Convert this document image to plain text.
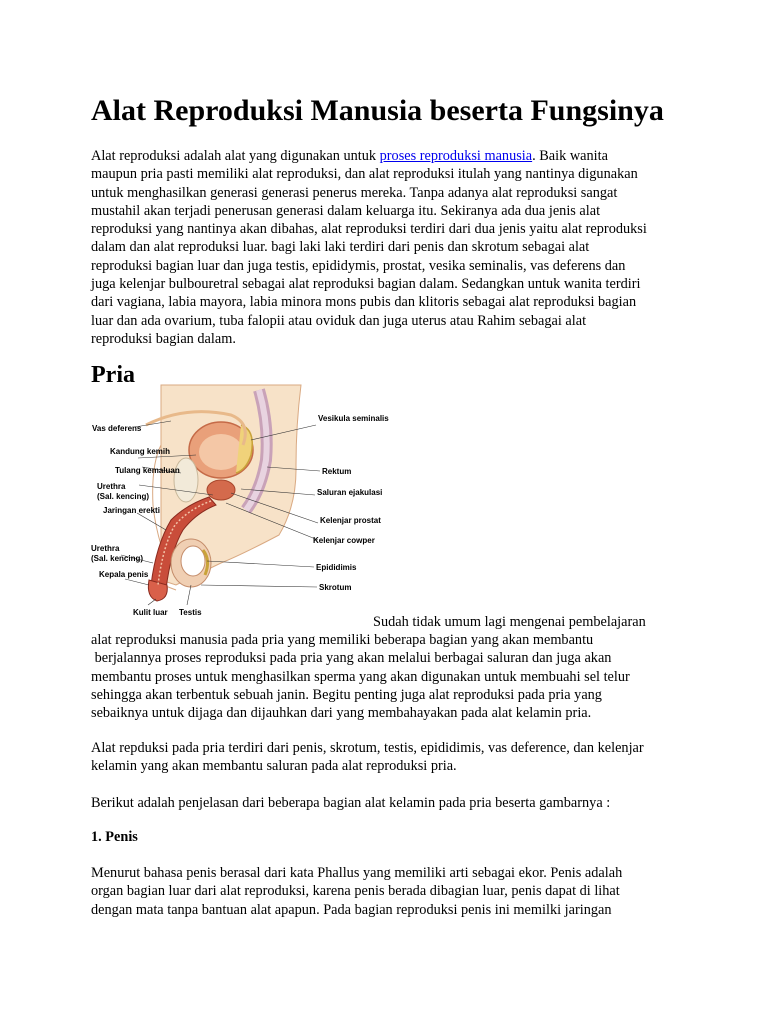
Alat Reproduksi Manusia beserta Fungsinya
Alat reproduksi adalah alat yang digunakan untuk proses reproduksi manusia. Baik wanita
maupun pria pasti memiliki alat reproduksi, dan alat reproduksi itulah yang nantinya digunakan
untuk menghasilkan generasi generasi penerus mereka. Tanpa adanya alat reproduksi sangat
mustahil akan terjadi penerusan generasi dalam keluarga itu. Sekiranya ada dua jenis alat
reproduksi yang nantinya akan dibahas, alat reproduksi terdiri dari dua jenis yaitu alat reproduksi
dalam dan alat reproduksi luar. bagi laki laki terdiri dari penis dan skrotum sebagai alat
reproduksi bagian luar dan juga testis, epididymis, prostat, vesika seminalis, vas deferens dan
juga kelenjar bulbouretral sebagai alat reproduksi bagian dalam. Sedangkan untuk wanita terdiri
dari vagiana, labia mayora, labia minora mons pubis dan klitoris sebagai alat reproduksi bagian
luar dan ada ovarium, tuba falopii atau oviduk dan juga uterus atau Rahim sebagai alat
reproduksi bagian dalam.
Pria
Vas deferens
Kandung kemih
Tulang kemaluan
Urethra
(Sal. kencing)
Jaringan erekti
Urethra
(Sal. kencing)
Kepala penis
Kulit luar Testis
Vesikula seminalis
Rektum
Saluran ejakulasi
Kelenjar prostat
Kelenjar cowper
Epididimis
Skrotum
Sudah tidak umum lagi mengenai pembelajaran
alat reproduksi manusia pada pria yang memiliki beberapa bagian yang akan membantu
berjalannya proses reproduksi pada pria yang akan melalui berbagai saluran dan juga akan
membantu proses untuk menghasilkan sperma yang akan digunakan untuk membuahi sel telur
sehingga akan terbentuk sebuah janin. Begitu penting juga alat reproduksi pada pria yang
sebaiknya untuk dijaga dan dijauhkan dari yang membahayakan pada alat kelamin pria.
Alat repduksi pada pria terdiri dari penis, skrotum, testis, epididimis, vas deference, dan kelenjar
kelamin yang akan membantu saluran pada alat reproduksi pria.
Berikut adalah penjelasan dari beberapa bagian alat kelamin pada pria beserta gambarnya :
1. Penis
Menurut bahasa penis berasal dari kata Phallus yang memiliki arti sebagai ekor. Penis adalah
organ bagian luar dari alat reproduksi, karena penis berada dibagian luar, penis dapat di lihat
dengan mata tanpa bantuan alat apapun. Pada bagian reproduksi penis ini memilki jaringan
